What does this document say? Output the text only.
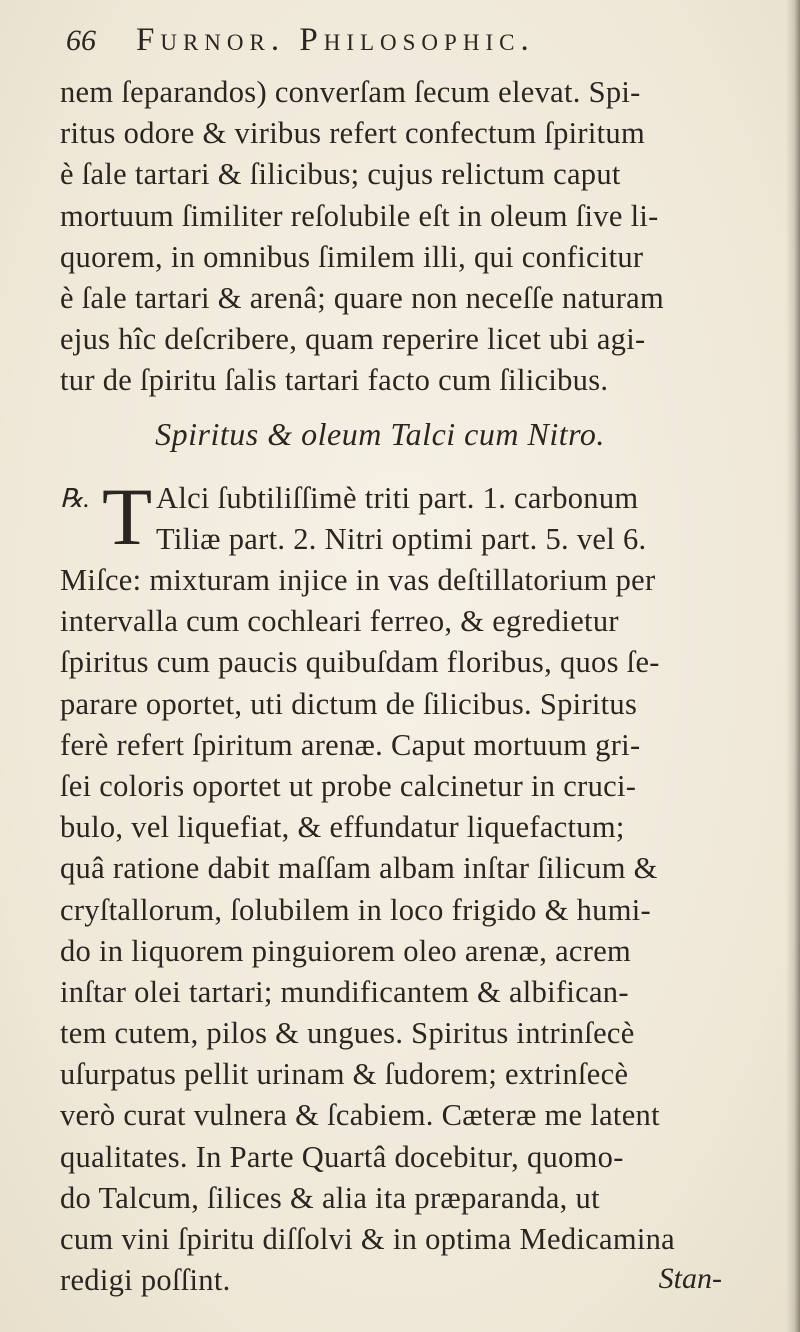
66	Furnor. Philosophic.
nem ſeparandos) converſam ſecum elevat. Spi-
ritus odore & viribus refert confectum ſpiritum
è ſale tartari & ſilicibus; cujus relictum caput
mortuum ſimiliter reſolubile eſt in oleum ſive li-
quorem, in omnibus ſimilem illi, qui conficitur
è ſale tartari & arenâ; quare non neceſſe naturam
ejus hîc deſcribere, quam reperire licet ubi agi-
tur de ſpiritu ſalis tartari facto cum ſilicibus.
Spiritus & oleum Talci cum Nitro.
℞. T Alci ſubtiliſſimè triti part. 1. carbonum
Tiliæ part. 2. Nitri optimi part. 5. vel 6.
Miſce: mixturam injice in vas deſtillatorium per
intervalla cum cochleari ferreo, & egredietur
ſpiritus cum paucis quibuſdam floribus, quos ſe-
parare oportet, uti dictum de ſilicibus. Spiritus
ferè refert ſpiritum arenæ. Caput mortuum gri-
ſei coloris oportet ut probe calcinetur in cruci-
bulo, vel liquefiat, & effundatur liquefactum;
quâ ratione dabit maſſam albam inſtar ſilicum &
cryſtallorum, ſolubilem in loco frigido & humi-
do in liquorem pinguiorem oleo arenæ, acrem
inſtar olei tartari; mundificantem & albifican-
tem cutem, pilos & ungues. Spiritus intrinſecè
uſurpatus pellit urinam & ſudorem; extrinſecè
verò curat vulnera & ſcabiem. Cæteræ me latent
qualitates. In Parte Quartâ docebitur, quomo-
do Talcum, ſilices & alia ita præparanda, ut
cum vini ſpiritu diſſolvi & in optima Medicamina
redigi poſſint.	Stan-
